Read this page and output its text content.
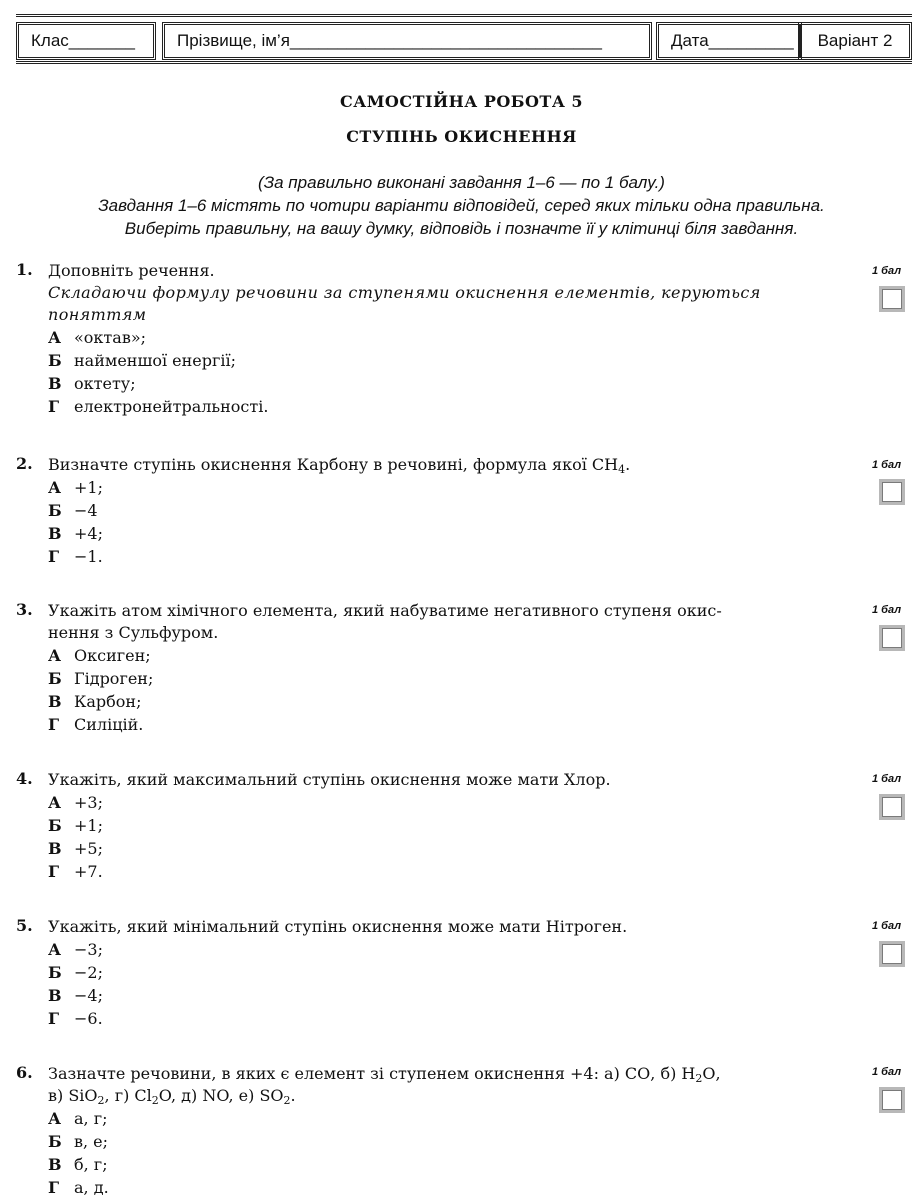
Клас_______	Прізвище, ім’я_________________________________	Дата_________	Варіант 2
САМОСТІЙНА РОБОТА 5
СТУПІНЬ ОКИСНЕННЯ
(За правильно виконані завдання 1–6 — по 1 балу.)
Завдання 1–6 містять по чотири варіанти відповідей, серед яких тільки одна правильна.
Виберіть правильну, на вашу думку, відповідь і позначте її у клітинці біля завдання.
1. Доповніть речення.
Складаючи формулу речовини за ступенями окиснення елементів, керуються поняттям
А «октав»;
Б найменшої енергії;
В октету;
Г електронейтральності.
1 бал
2. Визначте ступінь окиснення Карбону в речовині, формула якої $СН_4$.
А +1;
Б −4
В +4;
Г −1.
1 бал
3. Укажіть атом хімічного елемента, який набуватиме негативного ступеня окис-
нення з Сульфуром.
А Оксиген;
Б Гідроген;
В Карбон;
Г Силіцій.
1 бал
4. Укажіть, який максимальний ступінь окиснення може мати Хлор.
А +3;
Б +1;
В +5;
Г +7.
1 бал
5. Укажіть, який мінімальний ступінь окиснення може мати Нітроген.
А −3;
Б −2;
В −4;
Г −6.
1 бал
6. Зазначте речовини, в яких є елемент зі ступенем окиснення +4: а) СО, б) $Н_2О$,
в) SiO$_2$, г) $Cl_2O$, д) NO, е) $SO_2$.
А а, г;
Б в, е;
В б, г;
Г а, д.
1 бал
